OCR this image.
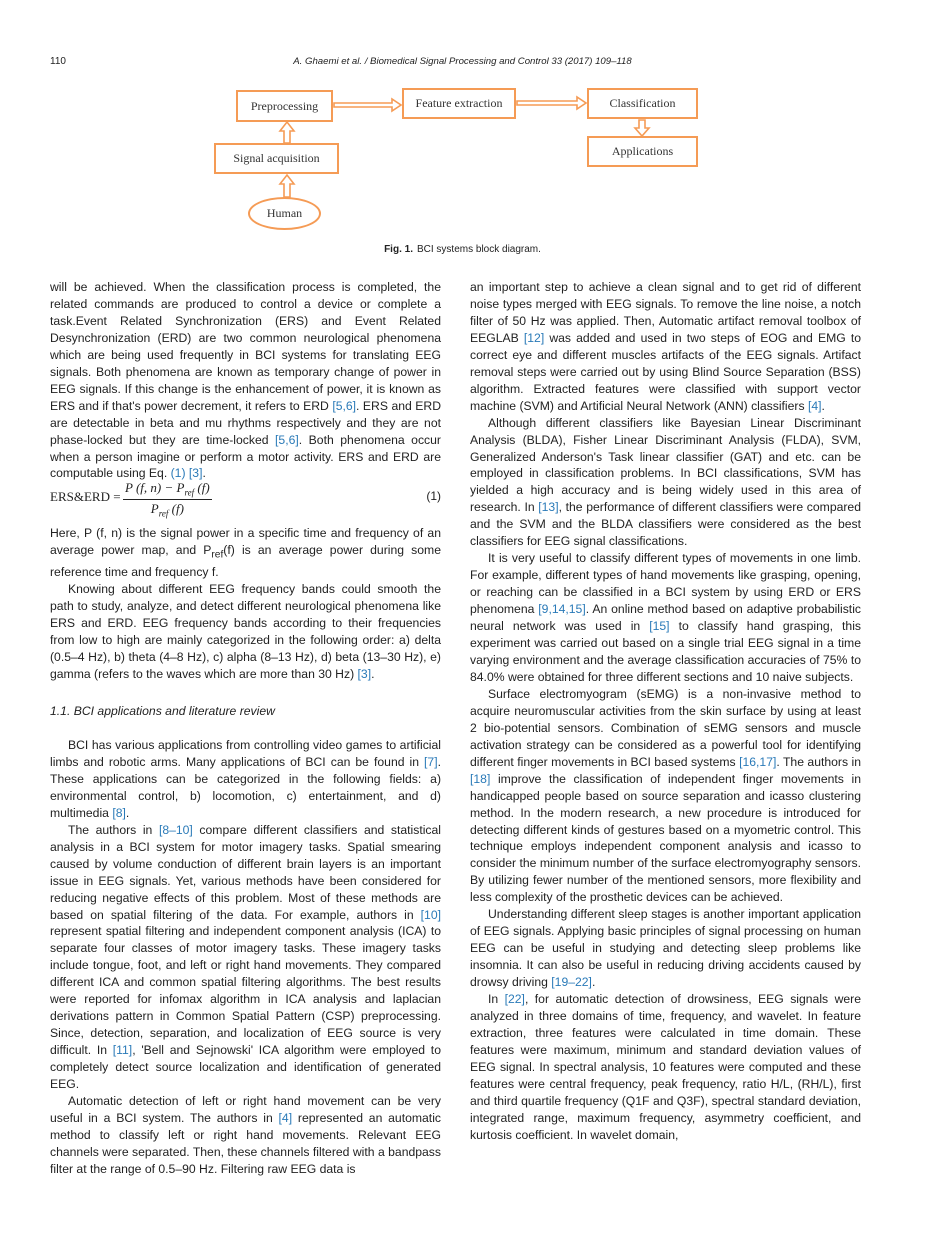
110	A. Ghaemi et al. / Biomedical Signal Processing and Control 33 (2017) 109–118
Preprocessing	Feature extraction	Classification
Applications
Signal acquisition
Human
Fig. 1. BCI systems block diagram.

will be achieved. When the classification process is completed, the related commands are produced to control a device or complete a task.Event Related Synchronization (ERS) and Event Related Desynchronization (ERD) are two common neurological phenomena which are being used frequently in BCI systems for translating EEG signals. Both phenomena are known as temporary change of power in EEG signals. If this change is the enhancement of power, it is known as ERS and if that's power decrement, it refers to ERD [5,6]. ERS and ERD are detectable in beta and mu rhythms respectively and they are not phase-locked but they are time-locked [5,6]. Both phenomena occur when a person imagine or perform a motor activity. ERS and ERD are computable using Eq. (1) [3].

ERS&ERD =
P (f, $n) - P_{ref}$ (f)
$P_{ref}$ (f)
(1)

Here, P (f, n) is the signal power in a specific time and frequency of an average power map, and $P_{ref}(f)$ is an average power during some reference time and frequency f.

Knowing about different EEG frequency bands could smooth the path to study, analyze, and detect different neurological phenomena like ERS and ERD. EEG frequency bands according to their frequencies from low to high are mainly categorized in the following order: a) delta (0.5–4 Hz), b) theta (4–8 Hz), c) alpha (8–13 Hz), d) beta (13–30 Hz), e) gamma (refers to the waves which are more than 30 Hz) [3].

1.1. BCI applications and literature review

BCI has various applications from controlling video games to artificial limbs and robotic arms. Many applications of BCI can be found in [7]. These applications can be categorized in the following fields: a) environmental control, b) locomotion, c) entertainment, and d) multimedia [8].

The authors in [8–10] compare different classifiers and statistical analysis in a BCI system for motor imagery tasks. Spatial smearing caused by volume conduction of different brain layers is an important issue in EEG signals. Yet, various methods have been considered for reducing negative effects of this problem. Most of these methods are based on spatial filtering of the data. For example, authors in [10] represent spatial filtering and independent component analysis (ICA) to separate four classes of motor imagery tasks. These imagery tasks include tongue, foot, and left or right hand movements. They compared different ICA and common spatial filtering algorithms. The best results were reported for infomax algorithm in ICA analysis and laplacian derivations pattern in Common Spatial Pattern (CSP) preprocessing. Since, detection, separation, and localization of EEG source is very difficult. In [11], 'Bell and Sejnowski' ICA algorithm were employed to completely detect source localization and identification of generated EEG.

Automatic detection of left or right hand movement can be very useful in a BCI system. The authors in [4] represented an automatic method to classify left or right hand movements. Relevant EEG channels were separated. Then, these channels filtered with a bandpass filter at the range of 0.5–90 Hz. Filtering raw EEG data is

an important step to achieve a clean signal and to get rid of different noise types merged with EEG signals. To remove the line noise, a notch filter of 50 Hz was applied. Then, Automatic artifact removal toolbox of EEGLAB [12] was added and used in two steps of EOG and EMG to correct eye and different muscles artifacts of the EEG signals. Artifact removal steps were carried out by using Blind Source Separation (BSS) algorithm. Extracted features were classified with support vector machine (SVM) and Artificial Neural Network (ANN) classifiers [4].

Although different classifiers like Bayesian Linear Discriminant Analysis (BLDA), Fisher Linear Discriminant Analysis (FLDA), SVM, Generalized Anderson's Task linear classifier (GAT) and etc. can be employed in classification problems. In BCI classifications, SVM has yielded a high accuracy and is being widely used in this area of research. In [13], the performance of different classifiers were compared and the SVM and the BLDA classifiers were considered as the best classifiers for EEG signal classifications.

It is very useful to classify different types of movements in one limb. For example, different types of hand movements like grasping, opening, or reaching can be classified in a BCI system by using ERD or ERS phenomena [9,14,15]. An online method based on adaptive probabilistic neural network was used in [15] to classify hand grasping, this experiment was carried out based on a single trial EEG signal in a time varying environment and the average classification accuracies of 75% to 84.0% were obtained for three different sections and 10 naive subjects.

Surface electromyogram (sEMG) is a non-invasive method to acquire neuromuscular activities from the skin surface by using at least 2 bio-potential sensors. Combination of sEMG sensors and muscle activation strategy can be considered as a powerful tool for identifying different finger movements in BCI based systems [16,17]. The authors in [18] improve the classification of independent finger movements in handicapped people based on source separation and icasso clustering method. In the modern research, a new procedure is introduced for detecting different kinds of gestures based on a myometric control. This technique employs independent component analysis and icasso to consider the minimum number of the surface electromyography sensors. By utilizing fewer number of the mentioned sensors, more flexibility and less complexity of the prosthetic devices can be achieved.

Understanding different sleep stages is another important application of EEG signals. Applying basic principles of signal processing on human EEG can be useful in studying and detecting sleep problems like insomnia. It can also be useful in reducing driving accidents caused by drowsy driving [19–22].

In [22], for automatic detection of drowsiness, EEG signals were analyzed in three domains of time, frequency, and wavelet. In feature extraction, three features were calculated in time domain. These features were maximum, minimum and standard deviation values of EEG signal. In spectral analysis, 10 features were computed and these features were central frequency, peak frequency, ratio H/L, (RH/L), first and third quartile frequency (Q1F and Q3F), spectral standard deviation, integrated range, maximum frequency, asymmetry coefficient, and kurtosis coefficient. In wavelet domain,
